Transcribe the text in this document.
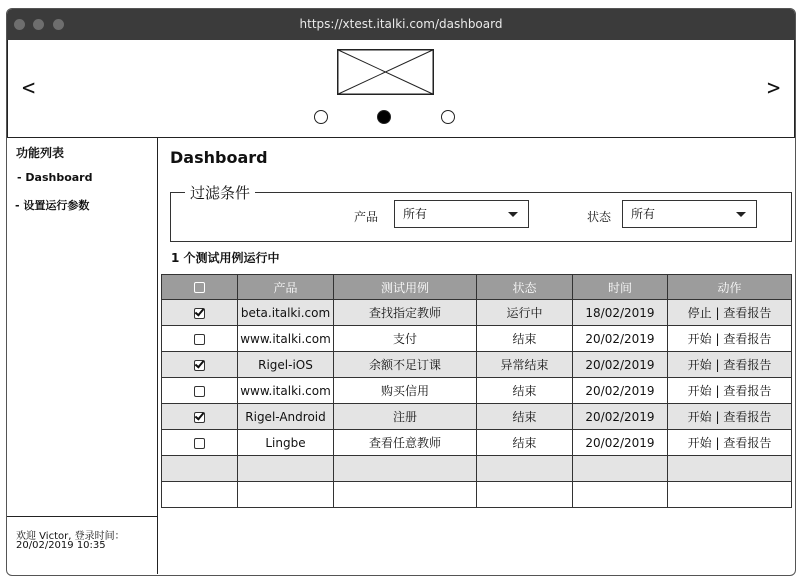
https://xtest.italki.com/dashboard
<	>
功能列表
- Dashboard
- 设置运行参数
欢迎 Victor, 登录时间：
20/02/2019 10:35
Dashboard
过滤条件
产品	所有	状态	所有
1 个测试用例运行中
	产品	测试用例	状态	时间	动作
	beta.italki.com	查找指定教师	运行中	18/02/2019	停止 | 查看报告
	www.italki.com	支付	结束	20/02/2019	开始 | 查看报告
	Rigel-iOS	余额不足订课	异常结束	20/02/2019	开始 | 查看报告
	www.italki.com	购买信用	结束	20/02/2019	开始 | 查看报告
	Rigel-Android	注册	结束	20/02/2019	开始 | 查看报告
	Lingbe	查看任意教师	结束	20/02/2019	开始 | 查看报告
